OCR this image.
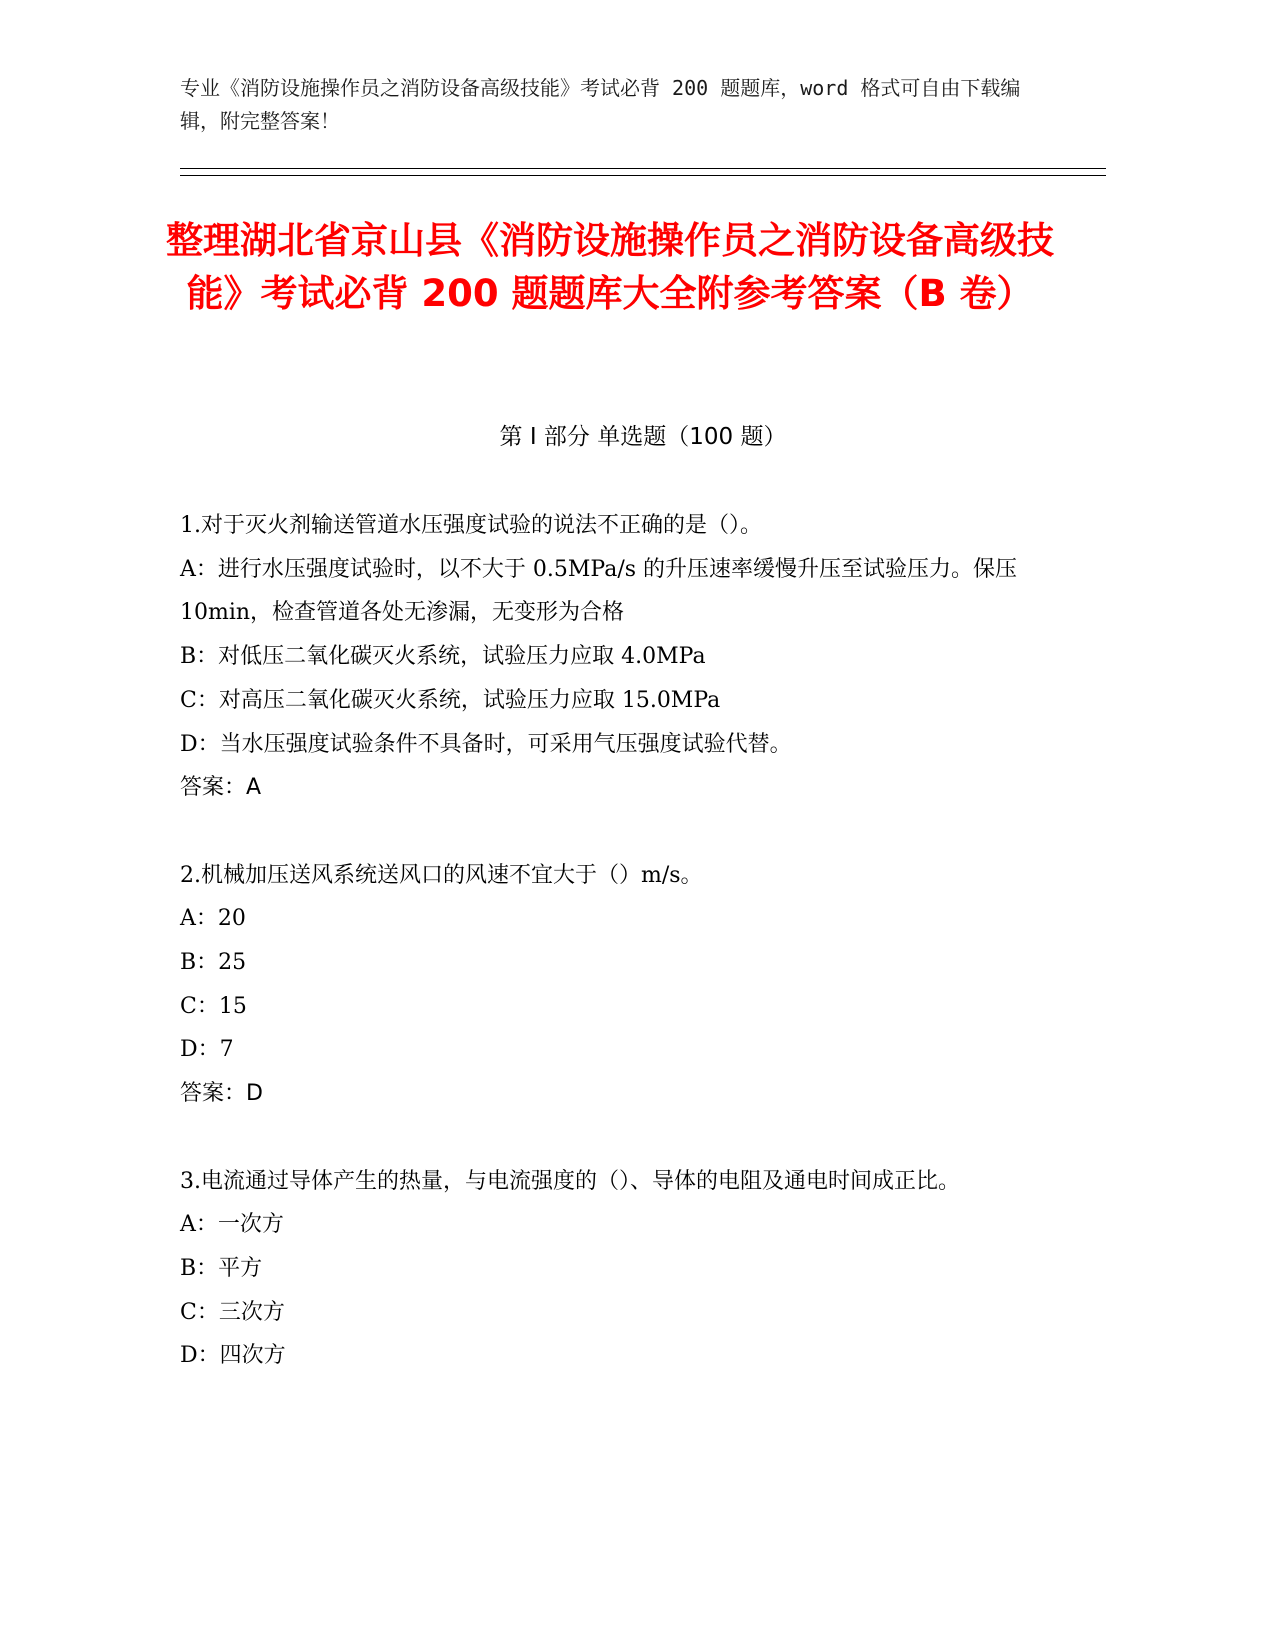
专业《消防设施操作员之消防设备高级技能》考试必背 200 题题库，word 格式可自由下载编辑，附完整答案！
整理湖北省京山县《消防设施操作员之消防设备高级技能》考试必背 200 题题库大全附参考答案（B 卷）
第 I 部分 单选题（100 题）

1.对于灭火剂输送管道水压强度试验的说法不正确的是（）。

A：进行水压强度试验时，以不大于 0.5MPa/s 的升压速率缓慢升压至试验压力。保压 10min，检查管道各处无渗漏，无变形为合格

B：对低压二氧化碳灭火系统，试验压力应取 4.0MPa

C：对高压二氧化碳灭火系统，试验压力应取 15.0MPa

D：当水压强度试验条件不具备时，可采用气压强度试验代替。

答案：A

2.机械加压送风系统送风口的风速不宜大于（）m/s。

A：20

B：25

C：15

D：7

答案：D

3.电流通过导体产生的热量，与电流强度的（）、导体的电阻及通电时间成正比。

A：一次方

B：平方

C：三次方

D：四次方
